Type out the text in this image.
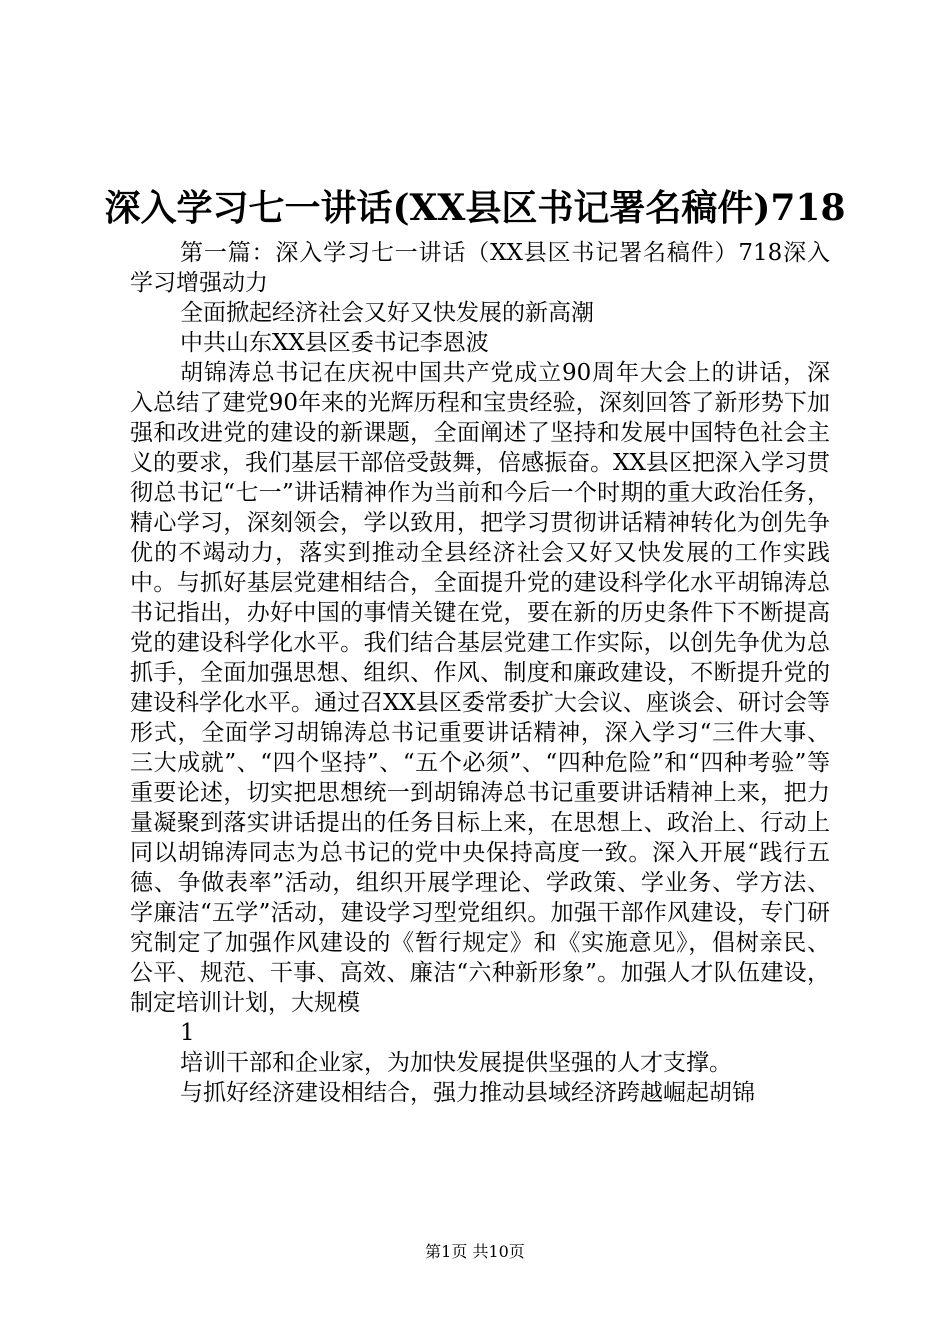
深入学习七一讲话(XX县区书记署名稿件)718

第一篇：深入学习七一讲话（XX县区书记署名稿件）718深入学习增强动力

全面掀起经济社会又好又快发展的新高潮

中共山东XX县区委书记李恩波

胡锦涛总书记在庆祝中国共产党成立90周年大会上的讲话，深入总结了建党90年来的光辉历程和宝贵经验，深刻回答了新形势下加强和改进党的建设的新课题，全面阐述了坚持和发展中国特色社会主义的要求，我们基层干部倍受鼓舞，倍感振奋。XX县区把深入学习贯彻总书记“七一”讲话精神作为当前和今后一个时期的重大政治任务，精心学习，深刻领会，学以致用，把学习贯彻讲话精神转化为创先争优的不竭动力，落实到推动全县经济社会又好又快发展的工作实践中。与抓好基层党建相结合，全面提升党的建设科学化水平胡锦涛总书记指出，办好中国的事情关键在党，要在新的历史条件下不断提高党的建设科学化水平。我们结合基层党建工作实际，以创先争优为总抓手，全面加强思想、组织、作风、制度和廉政建设，不断提升党的建设科学化水平。通过召XX县区委常委扩大会议、座谈会、研讨会等形式，全面学习胡锦涛总书记重要讲话精神，深入学习“三件大事、三大成就”、“四个坚持”、“五个必须”、“四种危险”和“四种考验”等重要论述，切实把思想统一到胡锦涛总书记重要讲话精神上来，把力量凝聚到落实讲话提出的任务目标上来，在思想上、政治上、行动上同以胡锦涛同志为总书记的党中央保持高度一致。深入开展“践行五德、争做表率”活动，组织开展学理论、学政策、学业务、学方法、学廉洁“五学”活动，建设学习型党组织。加强干部作风建设，专门研究制定了加强作风建设的《暂行规定》和《实施意见》，倡树亲民、公平、规范、干事、高效、廉洁“六种新形象”。加强人才队伍建设，制定培训计划，大规模

1

培训干部和企业家，为加快发展提供坚强的人才支撑。

与抓好经济建设相结合，强力推动县域经济跨越崛起胡锦

第1页 共10页
